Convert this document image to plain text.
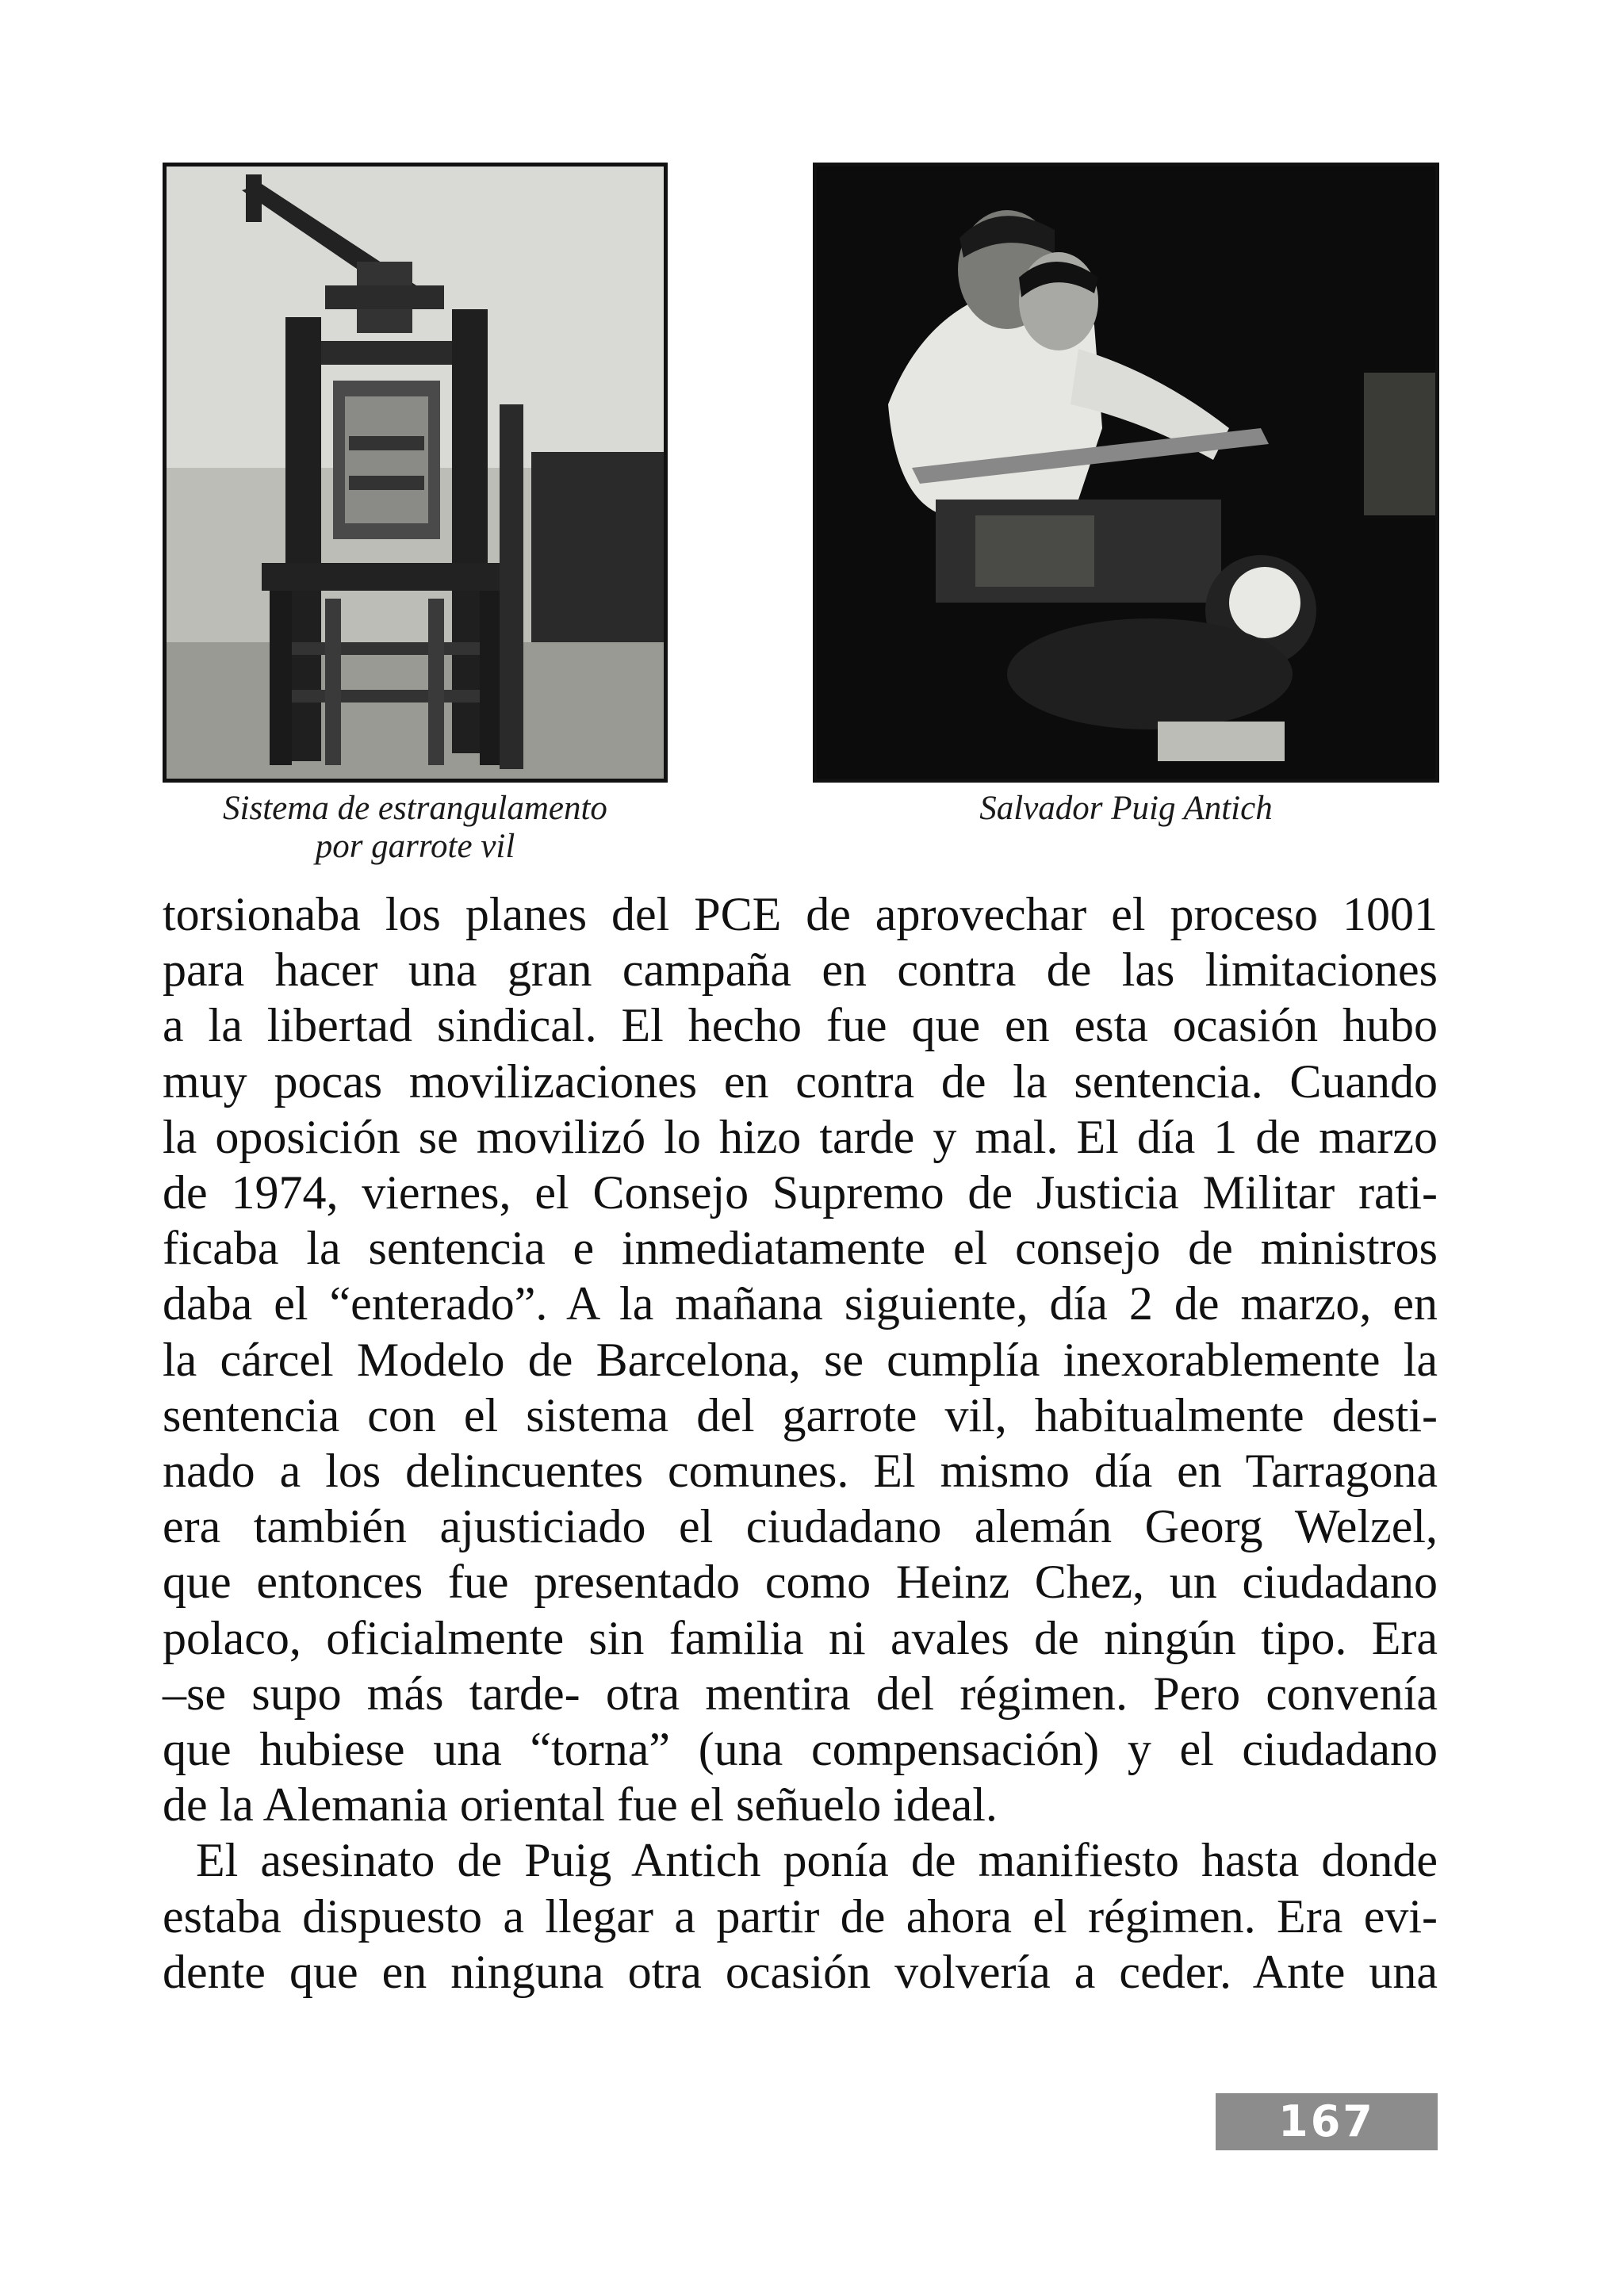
Sistema de estrangulamento
por garrote vil
Salvador Puig Antich
torsionaba los planes del PCE de aprovechar el proceso 1001
para hacer una gran campaña en contra de las limitaciones
a la libertad sindical. El hecho fue que en esta ocasión hubo
muy pocas movilizaciones en contra de la sentencia. Cuando
la oposición se movilizó lo hizo tarde y mal. El día 1 de marzo
de 1974, viernes, el Consejo Supremo de Justicia Militar rati-
ficaba la sentencia e inmediatamente el consejo de ministros
daba el “enterado”. A la mañana siguiente, día 2 de marzo, en
la cárcel Modelo de Barcelona, se cumplía inexorablemente la
sentencia con el sistema del garrote vil, habitualmente desti-
nado a los delincuentes comunes. El mismo día en Tarragona
era también ajusticiado el ciudadano alemán Georg Welzel,
que entonces fue presentado como Heinz Chez, un ciudadano
polaco, oficialmente sin familia ni avales de ningún tipo. Era
–se supo más tarde- otra mentira del régimen. Pero convenía
que hubiese una “torna” (una compensación) y el ciudadano
de la Alemania oriental fue el señuelo ideal.
El asesinato de Puig Antich ponía de manifiesto hasta donde
estaba dispuesto a llegar a partir de ahora el régimen. Era evi-
dente que en ninguna otra ocasión volvería a ceder. Ante una
167
